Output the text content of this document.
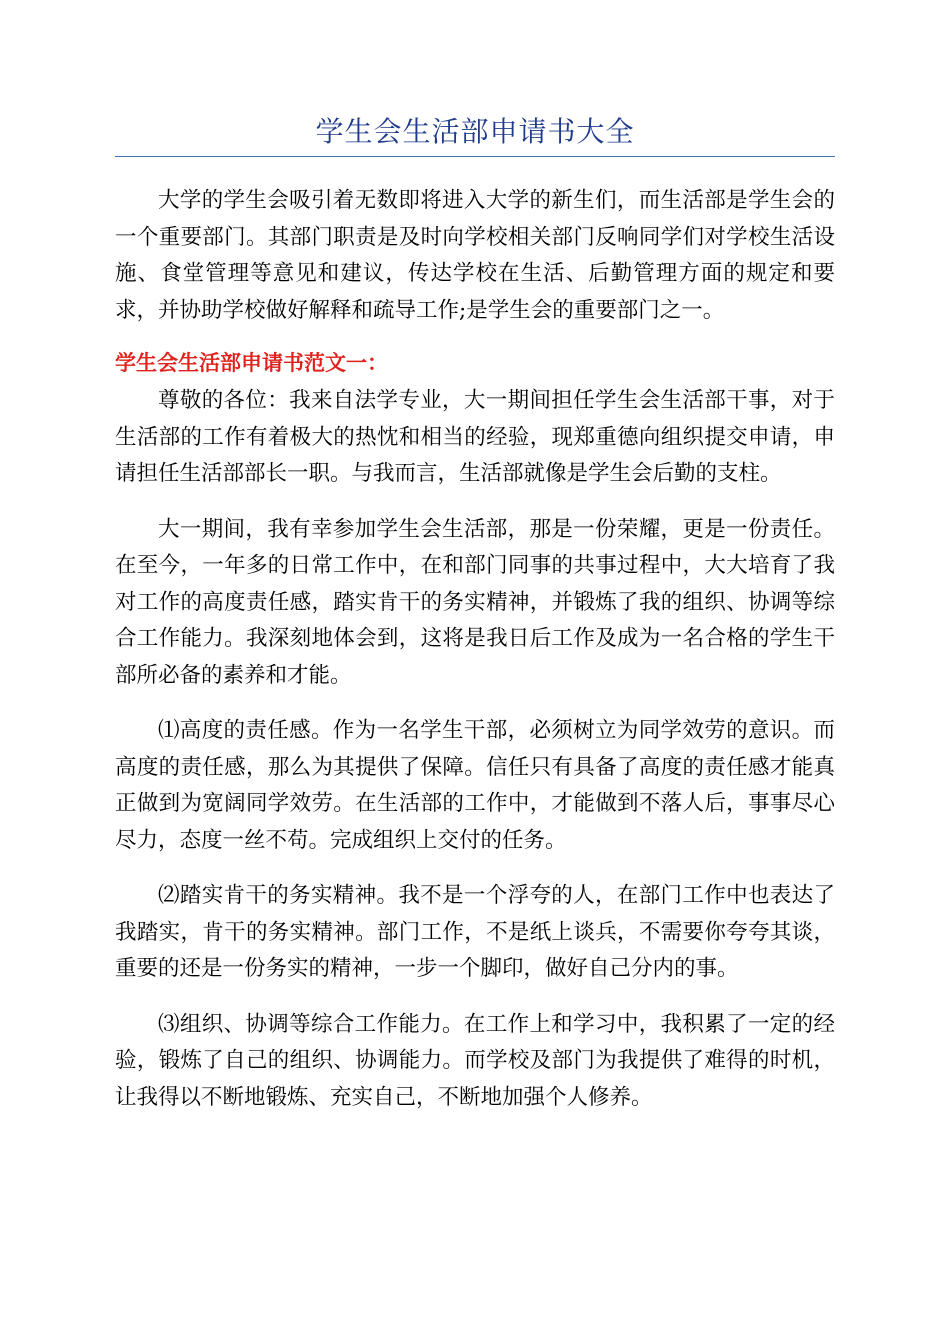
学生会生活部申请书大全

大学的学生会吸引着无数即将进入大学的新生们，而生活部是学生会的一个重要部门。其部门职责是及时向学校相关部门反响同学们对学校生活设施、食堂管理等意见和建议，传达学校在生活、后勤管理方面的规定和要求，并协助学校做好解释和疏导工作;是学生会的重要部门之一。

学生会生活部申请书范文一：

尊敬的各位：我来自法学专业，大一期间担任学生会生活部干事，对于生活部的工作有着极大的热忱和相当的经验，现郑重德向组织提交申请，申请担任生活部部长一职。与我而言，生活部就像是学生会后勤的支柱。

大一期间，我有幸参加学生会生活部，那是一份荣耀，更是一份责任。在至今，一年多的日常工作中，在和部门同事的共事过程中，大大培育了我对工作的高度责任感，踏实肯干的务实精神，并锻炼了我的组织、协调等综合工作能力。我深刻地体会到，这将是我日后工作及成为一名合格的学生干部所必备的素养和才能。

⑴高度的责任感。作为一名学生干部，必须树立为同学效劳的意识。而高度的责任感，那么为其提供了保障。信任只有具备了高度的责任感才能真正做到为宽阔同学效劳。在生活部的工作中，才能做到不落人后，事事尽心尽力，态度一丝不苟。完成组织上交付的任务。

⑵踏实肯干的务实精神。我不是一个浮夸的人，在部门工作中也表达了我踏实，肯干的务实精神。部门工作，不是纸上谈兵，不需要你夸夸其谈，重要的还是一份务实的精神，一步一个脚印，做好自己分内的事。

⑶组织、协调等综合工作能力。在工作上和学习中，我积累了一定的经验，锻炼了自己的组织、协调能力。而学校及部门为我提供了难得的时机，让我得以不断地锻炼、充实自己，不断地加强个人修养。
